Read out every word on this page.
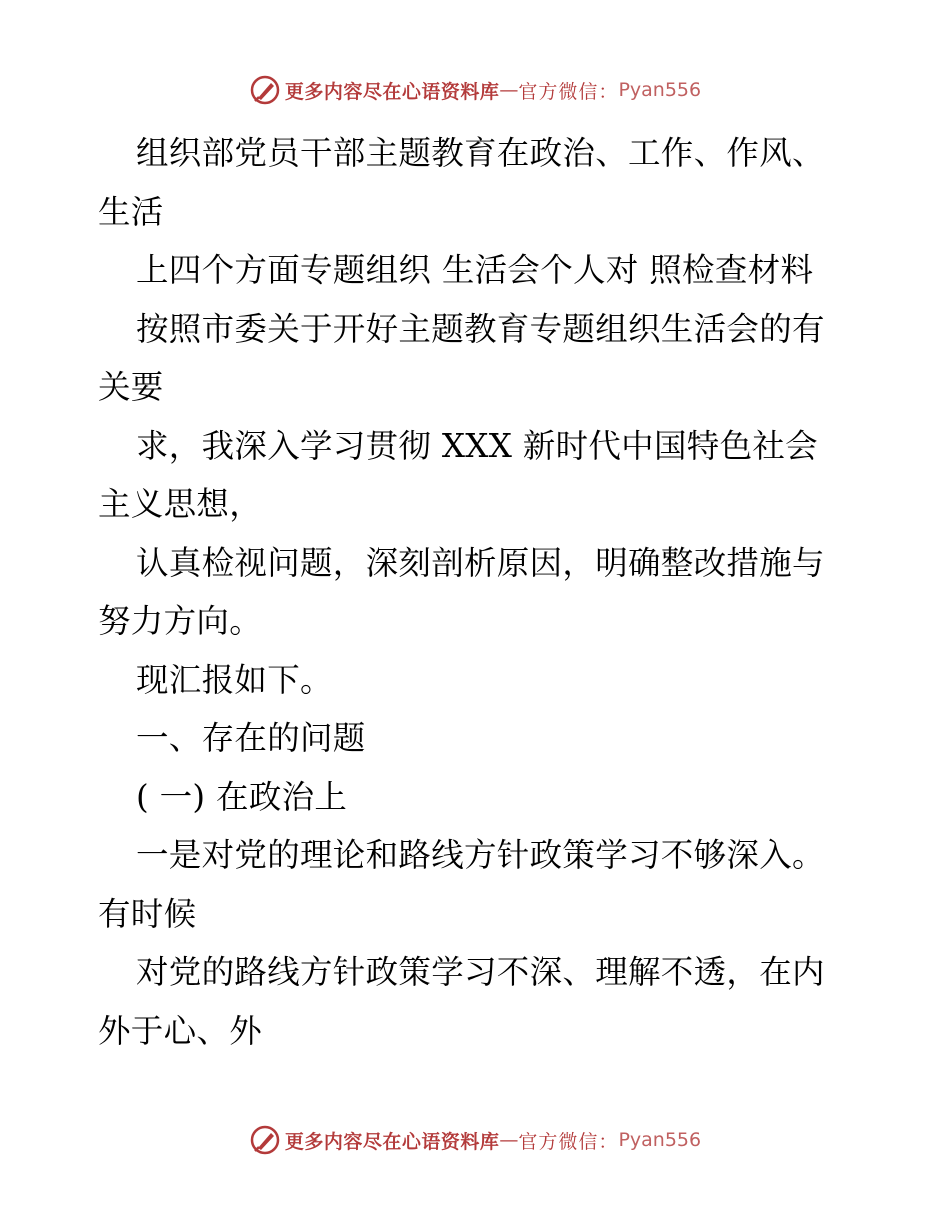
更多内容尽在心语资料库 — 官方微信： Pyan556
组织部党员干部主题教育在政治、工作、作风、
生活
上四个方面专题组织 生活会个人对 照检查材料
按照市委关于开好主题教育专题组织生活会的有
关要
求，我深入学习贯彻 XXX 新时代中国特色社会
主义思想，
认真检视问题，深刻剖析原因，明确整改措施与
努力方向。
现汇报如下。
一、存在的问题
( 一) 在政治上
一是对党的理论和路线方针政策学习不够深入。
有时候
对党的路线方针政策学习不深、理解不透，在内
外于心、外
更多内容尽在心语资料库 — 官方微信： Pyan556
